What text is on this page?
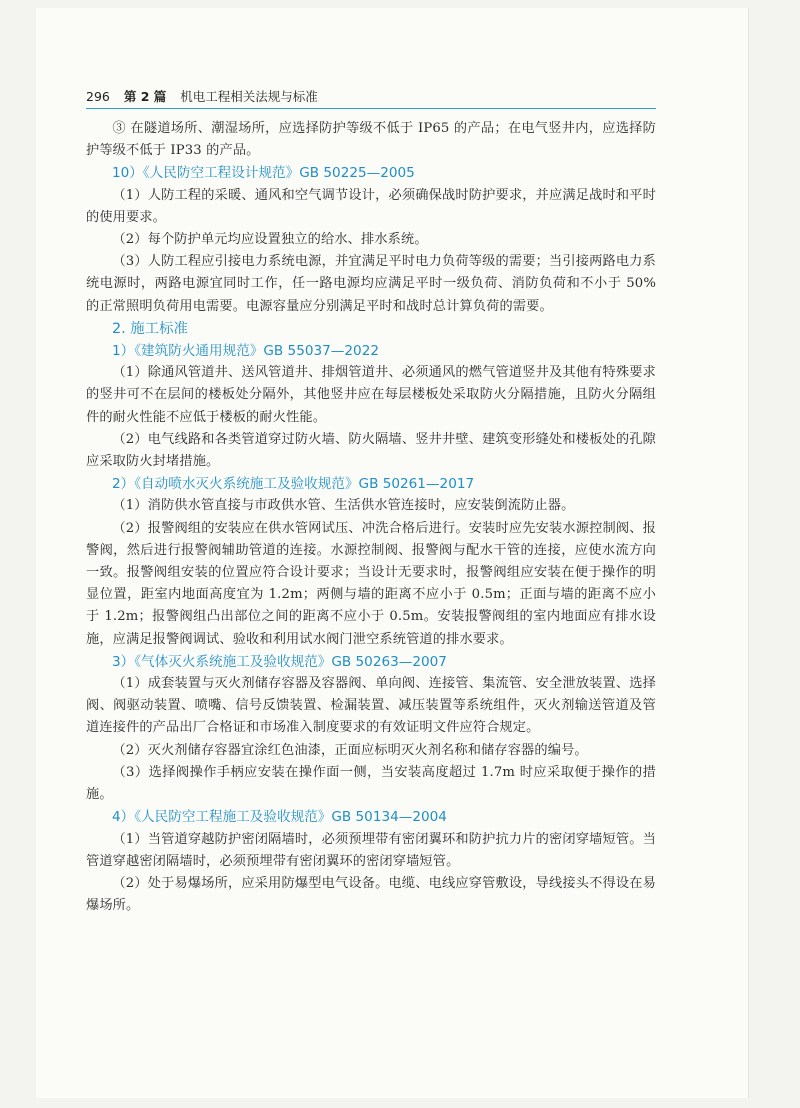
296 第 2 篇 机电工程相关法规与标准

③ 在隧道场所、潮湿场所，应选择防护等级不低于 IP65 的产品；在电气竖井内，应选择防护等级不低于 IP33 的产品。

10）《人民防空工程设计规范》GB 50225—2005

（1）人防工程的采暖、通风和空气调节设计，必须确保战时防护要求，并应满足战时和平时的使用要求。

（2）每个防护单元均应设置独立的给水、排水系统。

（3）人防工程应引接电力系统电源，并宜满足平时电力负荷等级的需要；当引接两路电力系统电源时，两路电源宜同时工作，任一路电源均应满足平时一级负荷、消防负荷和不小于 50% 的正常照明负荷用电需要。电源容量应分别满足平时和战时总计算负荷的需要。

2. 施工标准

1）《建筑防火通用规范》GB 55037—2022

（1）除通风管道井、送风管道井、排烟管道井、必须通风的燃气管道竖井及其他有特殊要求的竖井可不在层间的楼板处分隔外，其他竖井应在每层楼板处采取防火分隔措施，且防火分隔组件的耐火性能不应低于楼板的耐火性能。

（2）电气线路和各类管道穿过防火墙、防火隔墙、竖井井壁、建筑变形缝处和楼板处的孔隙应采取防火封堵措施。

2）《自动喷水灭火系统施工及验收规范》GB 50261—2017

（1）消防供水管直接与市政供水管、生活供水管连接时，应安装倒流防止器。

（2）报警阀组的安装应在供水管网试压、冲洗合格后进行。安装时应先安装水源控制阀、报警阀，然后进行报警阀辅助管道的连接。水源控制阀、报警阀与配水干管的连接，应使水流方向一致。报警阀组安装的位置应符合设计要求；当设计无要求时，报警阀组应安装在便于操作的明显位置，距室内地面高度宜为 1.2m；两侧与墙的距离不应小于 0.5m；正面与墙的距离不应小于 1.2m；报警阀组凸出部位之间的距离不应小于 0.5m。安装报警阀组的室内地面应有排水设施，应满足报警阀调试、验收和利用试水阀门泄空系统管道的排水要求。

3）《气体灭火系统施工及验收规范》GB 50263—2007

（1）成套装置与灭火剂储存容器及容器阀、单向阀、连接管、集流管、安全泄放装置、选择阀、阀驱动装置、喷嘴、信号反馈装置、检漏装置、减压装置等系统组件，灭火剂输送管道及管道连接件的产品出厂合格证和市场准入制度要求的有效证明文件应符合规定。

（2）灭火剂储存容器宜涂红色油漆，正面应标明灭火剂名称和储存容器的编号。

（3）选择阀操作手柄应安装在操作面一侧，当安装高度超过 1.7m 时应采取便于操作的措施。

4）《人民防空工程施工及验收规范》GB 50134—2004

（1）当管道穿越防护密闭隔墙时，必须预埋带有密闭翼环和防护抗力片的密闭穿墙短管。当管道穿越密闭隔墙时，必须预埋带有密闭翼环的密闭穿墙短管。

（2）处于易爆场所，应采用防爆型电气设备。电缆、电线应穿管敷设，导线接头不得设在易爆场所。
